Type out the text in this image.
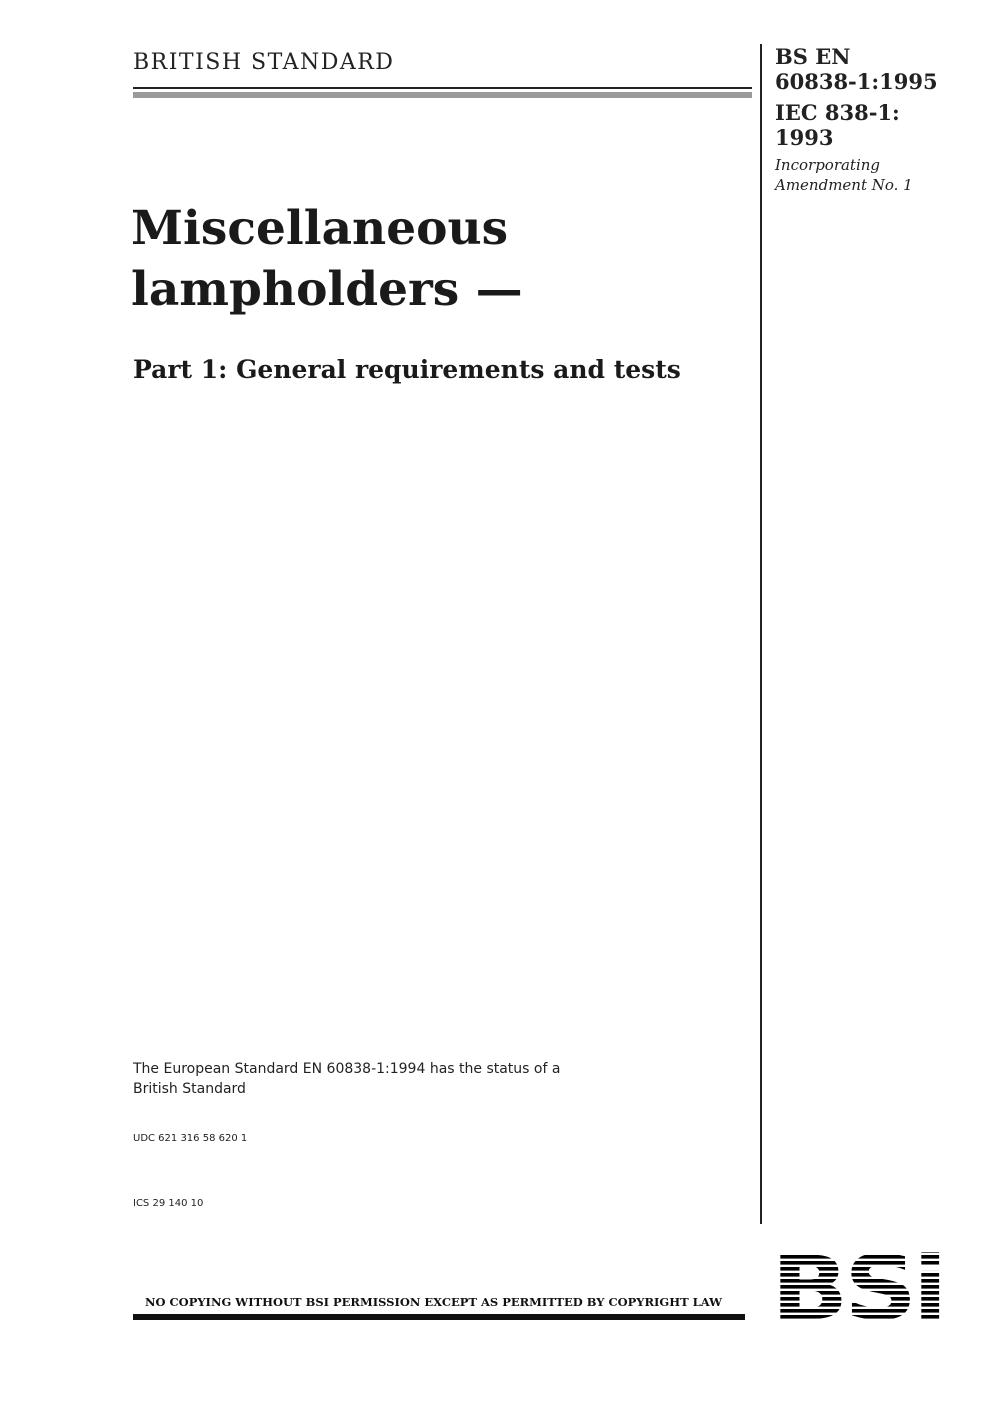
BRITISH STANDARD	BS EN
60838-1:1995
IEC 838-1:
1993
Incorporating
Amendment No. 1
Miscellaneous
lampholders —
Part 1: General requirements and tests
The European Standard EN 60838-1:1994 has the status of a
British Standard
UDC 621 316 58 620 1
ICS 29 140 10
NO COPYING WITHOUT BSI PERMISSION EXCEPT AS PERMITTED BY COPYRIGHT LAW
